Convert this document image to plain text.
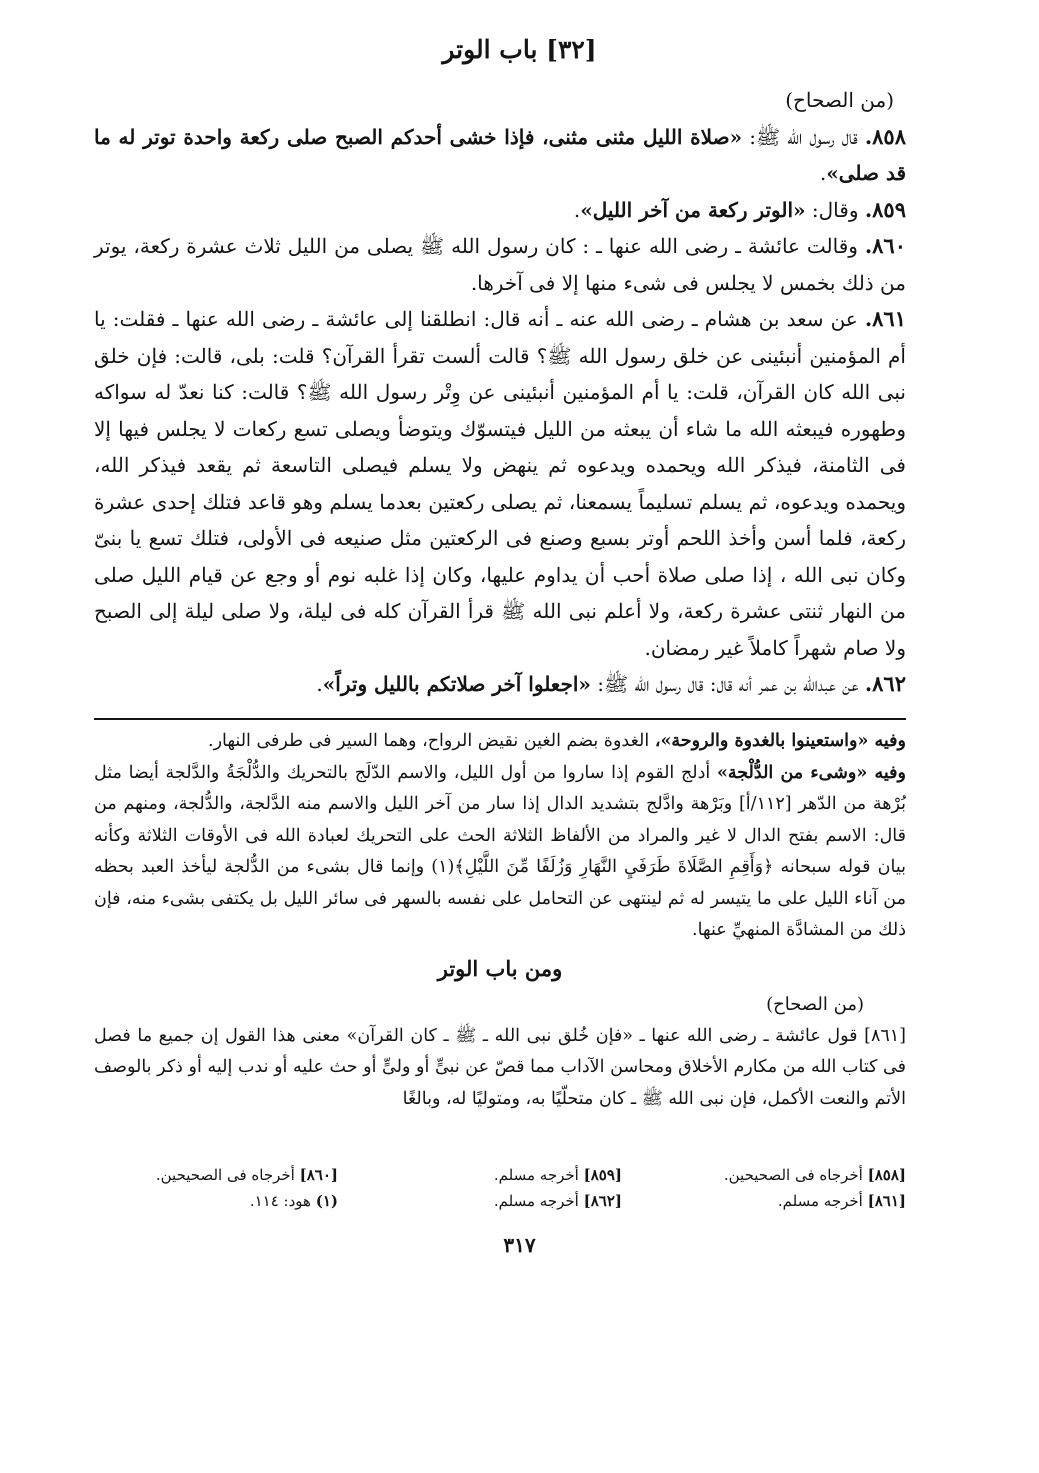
[٣٢] باب الوتر
(من الصحاح)

٨٥٨. قال رسول الله ﷺ: «صلاة الليل مثنى مثنى، فإذا خشى أحدكم الصبح صلى ركعة واحدة توتر له ما قد صلى».

٨٥٩. وقال: «الوتر ركعة من آخر الليل».

٨٦٠. وقالت عائشة ـ رضى الله عنها ـ : كان رسول الله ﷺ يصلى من الليل ثلاث عشرة ركعة، يوتر من ذلك بخمس لا يجلس فى شىء منها إلا فى آخرها.

٨٦١. عن سعد بن هشام ـ رضى الله عنه ـ أنه قال: انطلقنا إلى عائشة ـ رضى الله عنها ـ فقلت: يا أم المؤمنين أنبئينى عن خلق رسول الله ﷺ؟ قالت ألست تقرأ القرآن؟ قلت: بلى، قالت: فإن خلق نبى الله كان القرآن، قلت: يا أم المؤمنين أنبئينى عن وِتْر رسول الله ﷺ؟ قالت: كنا نعدّ له سواكه وطهوره فيبعثه الله ما شاء أن يبعثه من الليل فيتسوّك ويتوضأ ويصلى تسع ركعات لا يجلس فيها إلا فى الثامنة، فيذكر الله ويحمده ويدعوه ثم ينهض ولا يسلم فيصلى التاسعة ثم يقعد فيذكر الله، ويحمده ويدعوه، ثم يسلم تسليماً يسمعنا، ثم يصلى ركعتين بعدما يسلم وهو قاعد فتلك إحدى عشرة ركعة، فلما أسن وأخذ اللحم أوتر بسبع وصنع فى الركعتين مثل صنيعه فى الأولى، فتلك تسع يا بنىّ وكان نبى الله ، إذا صلى صلاة أحب أن يداوم عليها، وكان إذا غلبه نوم أو وجع عن قيام الليل صلى من النهار ثنتى عشرة ركعة، ولا أعلم نبى الله ﷺ قرأ القرآن كله فى ليلة، ولا صلى ليلة إلى الصبح ولا صام شهراً كاملاً غير رمضان.

٨٦٢. عن عبدالله بن عمر أنه قال: قال رسول الله ﷺ: «اجعلوا آخر صلاتكم بالليل وتراً».

وفيه «واستعينوا بالغدوة والروحة»، الغدوة بضم الغين نقيض الرواح، وهما السير فى طرفى النهار.

وفيه «وشىء من الدُّلْجة» أدلج القوم إذا ساروا من أول الليل، والاسم الدّلَج بالتحريك والدُّلْجَةُ والدَّلجة أيضا مثل بُرْهة من الدّهر [١١٢/أ] وبَرْهة وادَّلج بتشديد الدال إذا سار من آخر الليل والاسم منه الدَّلجة، والدُّلجة، ومنهم من قال: الاسم بفتح الدال لا غير والمراد من الألفاظ الثلاثة الحث على التحريك لعبادة الله فى الأوقات الثلاثة وكأنه بيان قوله سبحانه ﴿وَأَقِمِ الصَّلَاةَ طَرَفَيِ النَّهَارِ وَزُلَفًا مِّنَ اللَّيْلِ﴾(١) وإنما قال بشىء من الدُّلجة ليأخذ العبد بحظه من آناء الليل على ما يتيسر له ثم لينتهى عن التحامل على نفسه بالسهر فى سائر الليل بل يكتفى بشىء منه، فإن ذلك من المشادَّة المنهيِّ عنها.

ومن باب الوتر
(من الصحاح)

[٨٦١] قول عائشة ـ رضى الله عنها ـ «فإن خُلق نبى الله ـ ﷺ ـ كان القرآن» معنى هذا القول إن جميع ما فصل فى كتاب الله من مكارم الأخلاق ومحاسن الآداب مما قصّ عن نبىٍّ أو ولىٍّ أو حث عليه أو ندب إليه أو ذكر بالوصف الأتم والنعت الأكمل، فإن نبى الله ﷺ ـ كان متحلّيًا به، ومتوليًا له، وبالغًا

[٨٥٨] أخرجاه فى الصحيحين.
[٨٥٩] أخرجه مسلم.
[٨٦٠] أخرجاه فى الصحيحين.
[٨٦١] أخرجه مسلم.
[٨٦٢] أخرجه مسلم.
(١) هود: ١١٤.
٣١٧
